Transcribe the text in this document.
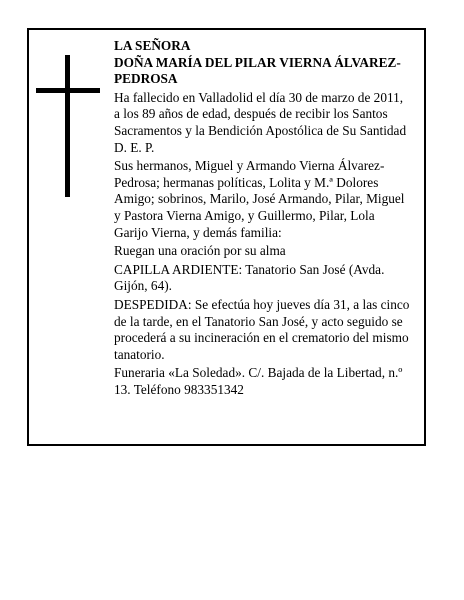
LA SEÑORA
DOÑA MARÍA DEL PILAR VIERNA ÁLVAREZ-
PEDROSA
Ha fallecido en Valladolid el día 30 de marzo de 2011,
a los 89 años de edad, después de recibir los Santos
Sacramentos y la Bendición Apostólica de Su Santidad
D. E. P.
Sus hermanos, Miguel y Armando Vierna Álvarez-
Pedrosa; hermanas políticas, Lolita y M.ª Dolores
Amigo; sobrinos, Marilo, José Armando, Pilar, Miguel
y Pastora Vierna Amigo, y Guillermo, Pilar, Lola
Garijo Vierna, y demás familia:
Ruegan una oración por su alma
CAPILLA ARDIENTE: Tanatorio San José (Avda.
Gijón, 64).
DESPEDIDA: Se efectúa hoy jueves día 31, a las cinco
de la tarde, en el Tanatorio San José, y acto seguido se
procederá a su incineración en el crematorio del mismo
tanatorio.
Funeraria «La Soledad». C/. Bajada de la Libertad, n.º
13. Teléfono 983351342
